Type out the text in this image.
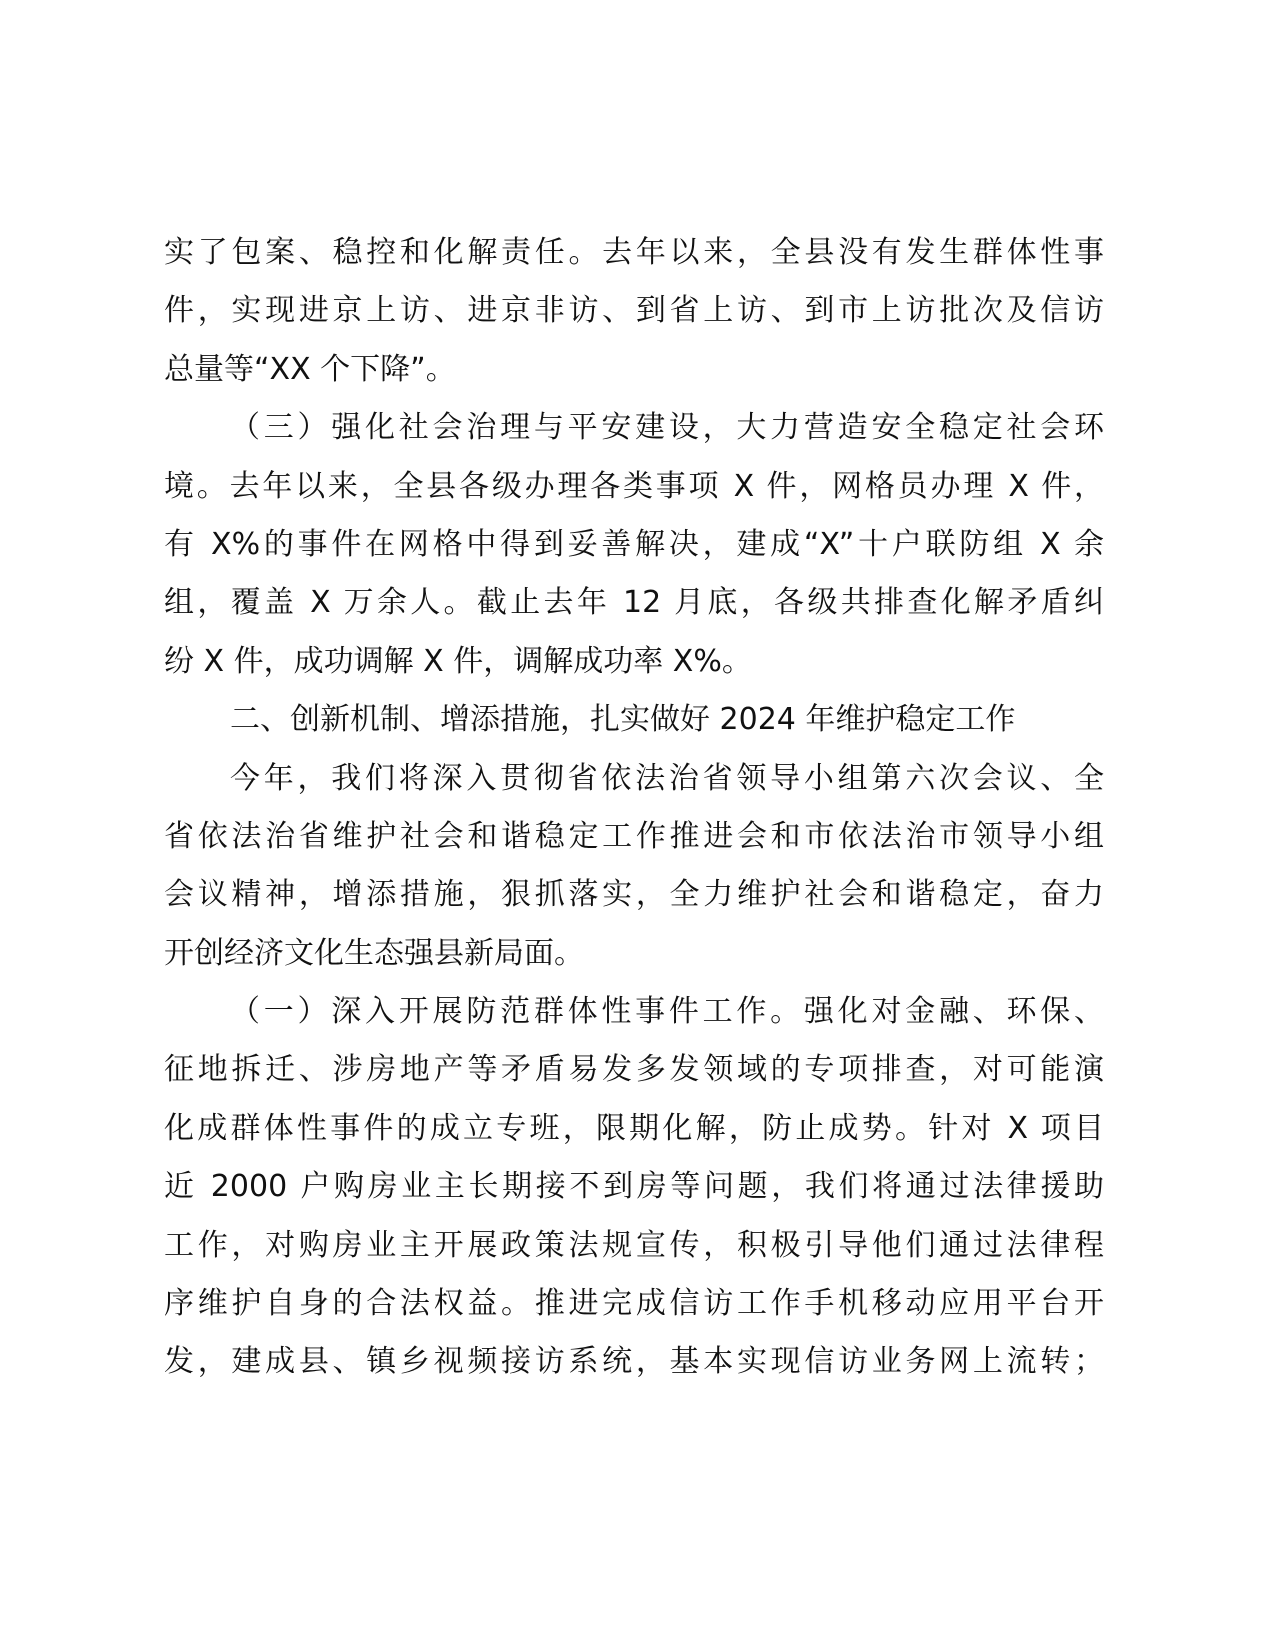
实了包案、稳控和化解责任。去年以来，全县没有发生群体性事
件，实现进京上访、进京非访、到省上访、到市上访批次及信访
总量等“XX 个下降”。
（三）强化社会治理与平安建设，大力营造安全稳定社会环
境。去年以来，全县各级办理各类事项 X 件，网格员办理 X 件，
有 X%的事件在网格中得到妥善解决，建成“X”十户联防组 X 余
组，覆盖 X 万余人。截止去年 12 月底，各级共排查化解矛盾纠
纷 X 件，成功调解 X 件，调解成功率 X%。
二、创新机制、增添措施，扎实做好 2024 年维护稳定工作
今年，我们将深入贯彻省依法治省领导小组第六次会议、全
省依法治省维护社会和谐稳定工作推进会和市依法治市领导小组
会议精神，增添措施，狠抓落实，全力维护社会和谐稳定，奋力
开创经济文化生态强县新局面。
（一）深入开展防范群体性事件工作。强化对金融、环保、
征地拆迁、涉房地产等矛盾易发多发领域的专项排查，对可能演
化成群体性事件的成立专班，限期化解，防止成势。针对 X 项目
近 2000 户购房业主长期接不到房等问题，我们将通过法律援助
工作，对购房业主开展政策法规宣传，积极引导他们通过法律程
序维护自身的合法权益。推进完成信访工作手机移动应用平台开
发，建成县、镇乡视频接访系统，基本实现信访业务网上流转；
